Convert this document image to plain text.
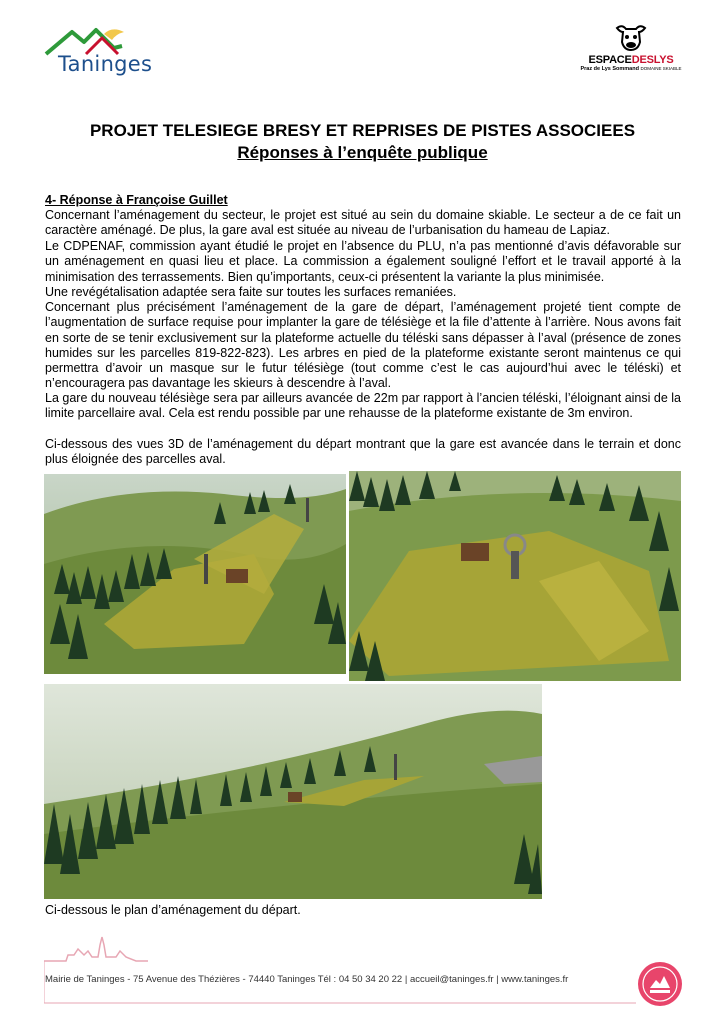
Taninges	ESPACEDESLYS
Praz de Lys Sommand DOMAINE SKIABLE
PROJET TELESIEGE BRESY ET REPRISES DE PISTES ASSOCIEES
Réponses à l’enquête publique
4- Réponse à Françoise Guillet
Concernant l’aménagement du secteur, le projet est situé au sein du domaine skiable. Le secteur a de ce fait un caractère aménagé. De plus, la gare aval est située au niveau de l’urbanisation du hameau de Lapiaz.
Le CDPENAF, commission ayant étudié le projet en l’absence du PLU, n’a pas mentionné d’avis défavorable sur un aménagement en quasi lieu et place. La commission a également souligné l’effort et le travail apporté à la minimisation des terrassements. Bien qu’importants, ceux-ci présentent la variante la plus minimisée.
Une revégétalisation adaptée sera faite sur toutes les surfaces remaniées.
Concernant plus précisément l’aménagement de la gare de départ, l’aménagement projeté tient compte de l’augmentation de surface requise pour implanter la gare de télésiège et la file d’attente à l’arrière. Nous avons fait en sorte de se tenir exclusivement sur la plateforme actuelle du téléski sans dépasser à l’aval (présence de zones humides sur les parcelles 819-822-823). Les arbres en pied de la plateforme existante seront maintenus ce qui permettra d’avoir un masque sur le futur télésiège (tout comme c’est le cas aujourd’hui avec le téléski) et n’encouragera pas davantage les skieurs à descendre à l’aval.
La gare du nouveau télésiège sera par ailleurs avancée de 22m par rapport à l’ancien téléski, l’éloignant ainsi de la limite parcellaire aval. Cela est rendu possible par une rehausse de la plateforme existante de 3m environ.
Ci-dessous des vues 3D de l’aménagement du départ montrant que la gare est avancée dans le terrain et donc plus éloignée des parcelles aval.
Ci-dessous le plan d’aménagement du départ.
Mairie de Taninges - 75 Avenue des Thézières - 74440 Taninges Tél : 04 50 34 20 22 | accueil@taninges.fr | www.taninges.fr
